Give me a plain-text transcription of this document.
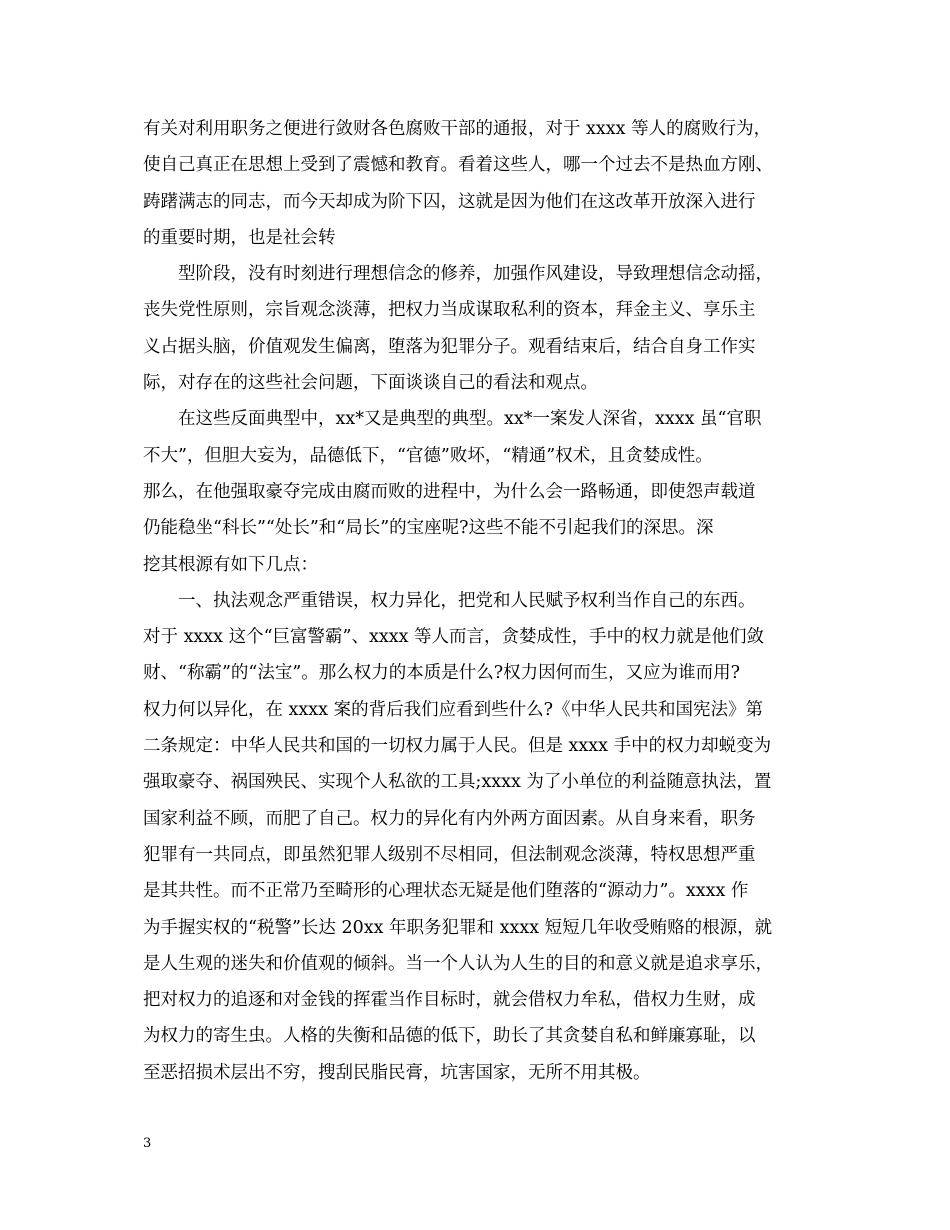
有关对利用职务之便进行敛财各色腐败干部的通报，对于 xxxx 等人的腐败行为，
使自己真正在思想上受到了震憾和教育。看着这些人，哪一个过去不是热血方刚、
踌躇满志的同志，而今天却成为阶下囚，这就是因为他们在这改革开放深入进行
的重要时期，也是社会转
　　型阶段，没有时刻进行理想信念的修养，加强作风建设，导致理想信念动摇，
丧失党性原则，宗旨观念淡薄，把权力当成谋取私利的资本，拜金主义、享乐主
义占据头脑，价值观发生偏离，堕落为犯罪分子。观看结束后，结合自身工作实
际，对存在的这些社会问题，下面谈谈自己的看法和观点。
　　在这些反面典型中，xx*又是典型的典型。xx*一案发人深省，xxxx 虽“官职
不大”，但胆大妄为，品德低下，“官德”败坏，“精通”权术，且贪婪成性。
那么，在他强取豪夺完成由腐而败的进程中，为什么会一路畅通，即使怨声载道
仍能稳坐“科长”“处长”和“局长”的宝座呢?这些不能不引起我们的深思。深
挖其根源有如下几点：
　　一、执法观念严重错误，权力异化，把党和人民赋予权利当作自己的东西。
对于 xxxx 这个“巨富警霸”、xxxx 等人而言，贪婪成性，手中的权力就是他们敛
财、“称霸”的“法宝”。那么权力的本质是什么?权力因何而生，又应为谁而用?
权力何以异化，在 xxxx 案的背后我们应看到些什么?《中华人民共和国宪法》第
二条规定：中华人民共和国的一切权力属于人民。但是 xxxx 手中的权力却蜕变为
强取豪夺、祸国殃民、实现个人私欲的工具;xxxx 为了小单位的利益随意执法，置
国家利益不顾，而肥了自己。权力的异化有内外两方面因素。从自身来看，职务
犯罪有一共同点，即虽然犯罪人级别不尽相同，但法制观念淡薄，特权思想严重
是其共性。而不正常乃至畸形的心理状态无疑是他们堕落的“源动力”。xxxx 作
为手握实权的“税警”长达 20xx 年职务犯罪和 xxxx 短短几年收受贿赂的根源，就
是人生观的迷失和价值观的倾斜。当一个人认为人生的目的和意义就是追求享乐，
把对权力的追逐和对金钱的挥霍当作目标时，就会借权力牟私，借权力生财，成
为权力的寄生虫。人格的失衡和品德的低下，助长了其贪婪自私和鲜廉寡耻，以
至恶招损术层出不穷，搜刮民脂民膏，坑害国家，无所不用其极。
3
